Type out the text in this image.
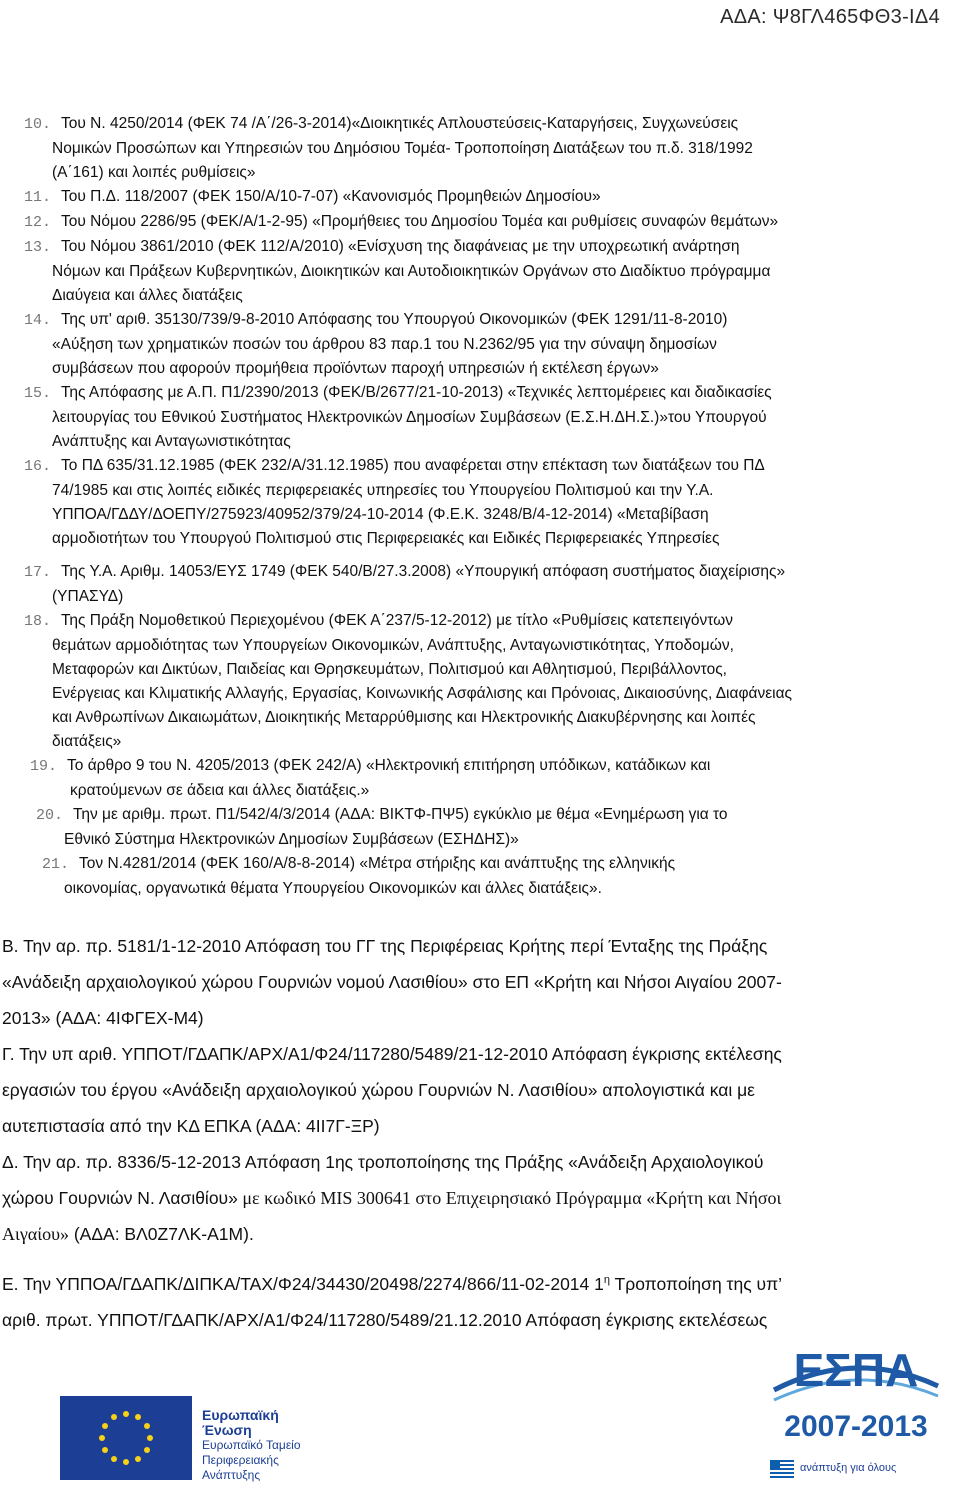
ΑΔΑ: Ψ8ΓΛ465ΦΘ3-ΙΔ4
10. Του Ν. 4250/2014 (ΦΕΚ 74 /Α΄/26-3-2014)«Διοικητικές Απλουστεύσεις-Καταργήσεις, Συγχωνεύσεις
Νομικών Προσώπων και Υπηρεσιών του Δημόσιου Τομέα- Τροποποίηση Διατάξεων του π.δ. 318/1992
(Α΄161) και λοιπές ρυθμίσεις»
11. Του Π.Δ. 118/2007 (ΦΕΚ 150/Α/10-7-07) «Κανονισμός Προμηθειών Δημοσίου»
12. Του Νόμου 2286/95 (ΦΕΚ/Α/1-2-95) «Προμήθειες του Δημοσίου Τομέα και ρυθμίσεις συναφών θεμάτων»
13. Του Νόμου 3861/2010 (ΦΕΚ 112/Α/2010) «Ενίσχυση της διαφάνειας με την υποχρεωτική ανάρτηση
Νόμων και Πράξεων Κυβερνητικών, Διοικητικών και Αυτοδιοικητικών Οργάνων στο Διαδίκτυο πρόγραμμα
Διαύγεια και άλλες διατάξεις
14. Της υπ' αριθ. 35130/739/9-8-2010 Απόφασης του Υπουργού Οικονομικών (ΦΕΚ 1291/11-8-2010)
«Αύξηση των χρηματικών ποσών του άρθρου 83 παρ.1 του Ν.2362/95 για την σύναψη δημοσίων
συμβάσεων που αφορούν προμήθεια προϊόντων παροχή υπηρεσιών ή εκτέλεση έργων»
15. Της Απόφασης με Α.Π. Π1/2390/2013 (ΦΕΚ/Β/2677/21-10-2013) «Τεχνικές λεπτομέρειες και διαδικασίες
λειτουργίας του Εθνικού Συστήματος Ηλεκτρονικών Δημοσίων Συμβάσεων (Ε.Σ.Η.ΔΗ.Σ.)»του Υπουργού
Ανάπτυξης και Ανταγωνιστικότητας
16. Το ΠΔ 635/31.12.1985 (ΦΕΚ 232/Α/31.12.1985) που αναφέρεται στην επέκταση των διατάξεων του ΠΔ
74/1985 και στις λοιπές ειδικές περιφερειακές υπηρεσίες του Υπουργείου Πολιτισμού και την Υ.Α.
ΥΠΠΟΑ/ΓΔΔΥ/ΔΟΕΠΥ/275923/40952/379/24-10-2014 (Φ.Ε.Κ. 3248/Β/4-12-2014) «Μεταβίβαση
αρμοδιοτήτων του Υπουργού Πολιτισμού στις Περιφερειακές και Ειδικές Περιφερειακές Υπηρεσίες
17. Της Υ.Α. Αριθμ. 14053/ΕΥΣ 1749 (ΦΕΚ 540/Β/27.3.2008) «Υπουργική απόφαση συστήματος διαχείρισης»
(ΥΠΑΣΥΔ)
18. Της Πράξη Νομοθετικού Περιεχομένου (ΦΕΚ Α΄237/5-12-2012) με τίτλο «Ρυθμίσεις κατεπειγόντων
θεμάτων αρμοδιότητας των Υπουργείων Οικονομικών, Ανάπτυξης, Ανταγωνιστικότητας, Υποδομών,
Μεταφορών και Δικτύων, Παιδείας και Θρησκευμάτων, Πολιτισμού και Αθλητισμού, Περιβάλλοντος,
Ενέργειας και Κλιματικής Αλλαγής, Εργασίας, Κοινωνικής Ασφάλισης και Πρόνοιας, Δικαιοσύνης, Διαφάνειας
και Ανθρωπίνων Δικαιωμάτων, Διοικητικής Μεταρρύθμισης και Ηλεκτρονικής Διακυβέρνησης και λοιπές
διατάξεις»
19. Το άρθρο 9 του Ν. 4205/2013 (ΦΕΚ 242/Α) «Ηλεκτρονική επιτήρηση υπόδικων, κατάδικων και
κρατούμενων σε άδεια και άλλες διατάξεις.»
20. Την με αριθμ. πρωτ. Π1/542/4/3/2014 (ΑΔΑ: ΒΙΚΤΦ-ΠΨ5) εγκύκλιο με θέμα «Ενημέρωση για το
Εθνικό Σύστημα Ηλεκτρονικών Δημοσίων Συμβάσεων (ΕΣΗΔΗΣ)»
21. Τον Ν.4281/2014 (ΦΕΚ 160/Α/8-8-2014) «Μέτρα στήριξης και ανάπτυξης της ελληνικής
οικονομίας, οργανωτικά θέματα Υπουργείου Οικονομικών και άλλες διατάξεις».
Β. Την αρ. πρ. 5181/1-12-2010 Απόφαση του ΓΓ της Περιφέρειας Κρήτης περί Ένταξης της Πράξης
«Ανάδειξη αρχαιολογικού χώρου Γουρνιών νομού Λασιθίου» στο ΕΠ «Κρήτη και Νήσοι Αιγαίου 2007-
2013» (ΑΔΑ: 4ΙΦΓΕΧ-Μ4)
Γ. Την υπ αριθ. ΥΠΠΟΤ/ΓΔΑΠΚ/ΑΡΧ/Α1/Φ24/117280/5489/21-12-2010 Απόφαση έγκρισης εκτέλεσης
εργασιών του έργου «Ανάδειξη αρχαιολογικού χώρου Γουρνιών Ν. Λασιθίου» απολογιστικά και με
αυτεπιστασία από την ΚΔ ΕΠΚΑ (ΑΔΑ: 4ΙΙ7Γ-ΞΡ)
Δ. Την αρ. πρ. 8336/5-12-2013 Απόφαση 1ης τροποποίησης της Πράξης «Ανάδειξη Αρχαιολογικού
χώρου Γουρνιών Ν. Λασιθίου» με κωδικό MIS 300641 στο Επιχειρησιακό Πρόγραμμα «Κρήτη και Νήσοι
Αιγαίου» (ΑΔΑ: ΒΛ0Ζ7ΛΚ-Α1Μ).
Ε. Την ΥΠΠΟΑ/ΓΔΑΠΚ/ΔΙΠΚΑ/ΤΑΧ/Φ24/34430/20498/2274/866/11-02-2014 $1^\eta$ Τροποποίηση της υπ’
αριθ. πρωτ. ΥΠΠΟΤ/ΓΔΑΠΚ/ΑΡΧ/Α1/Φ24/117280/5489/21.12.2010 Απόφαση έγκρισης εκτελέσεως
Ευρωπαϊκή Ένωση
Ευρωπαϊκό Ταμείο
Περιφερειακής Ανάπτυξης
ΕΣΠΑ
2007-2013
ανάπτυξη για όλους
